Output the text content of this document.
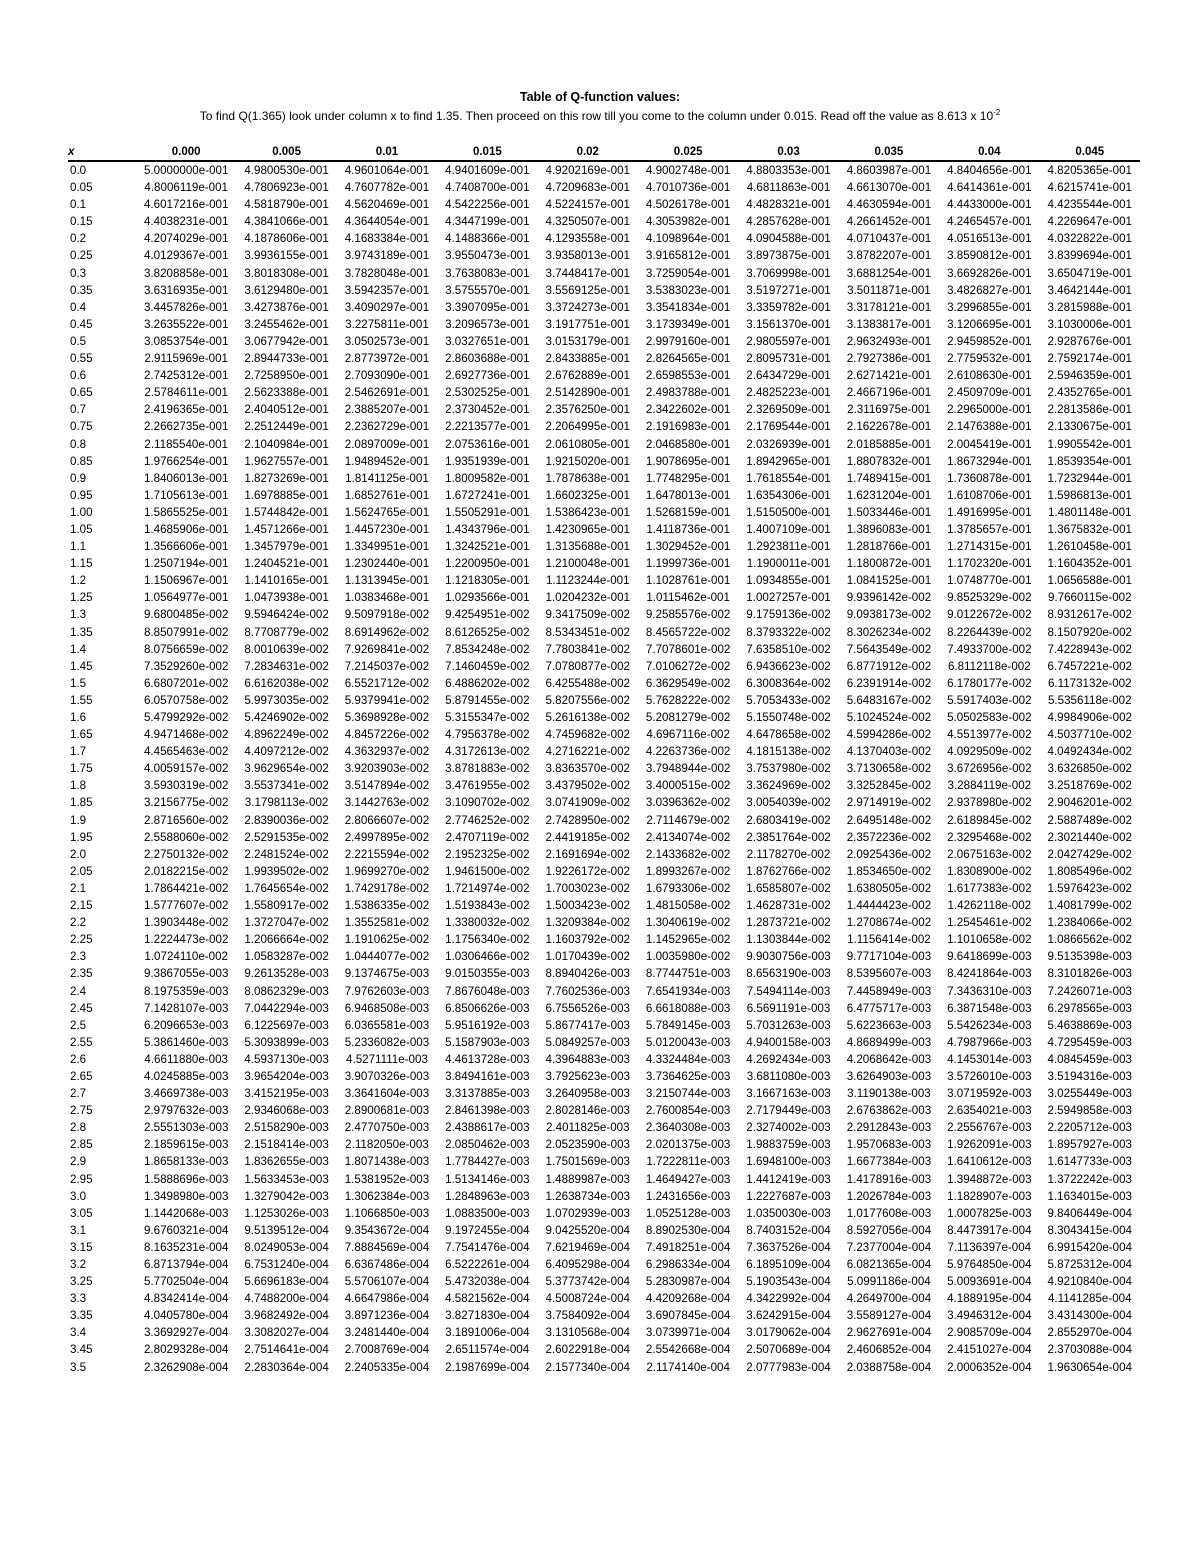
Table of Q-function values:
To find Q(1.365) look under column x to find 1.35. Then proceed on this row till you come to the column under 0.015. Read off the value as 8.613 x $10^{-2}$
x	0.000	0.005	0.01	0.015	0.02	0.025	0.03	0.035	0.04	0.045
0.0	5.0000000e-001	4.9800530e-001	4.9601064e-001	4.9401609e-001	4.9202169e-001	4.9002748e-001	4.8803353e-001	4.8603987e-001	4.8404656e-001	4.8205365e-001
0.05	4.8006119e-001	4.7806923e-001	4.7607782e-001	4.7408700e-001	4.7209683e-001	4.7010736e-001	4.6811863e-001	4.6613070e-001	4.6414361e-001	4.6215741e-001
0.1	4.6017216e-001	4.5818790e-001	4.5620469e-001	4.5422256e-001	4.5224157e-001	4.5026178e-001	4.4828321e-001	4.4630594e-001	4.4433000e-001	4.4235544e-001
0.15	4.4038231e-001	4.3841066e-001	4.3644054e-001	4.3447199e-001	4.3250507e-001	4.3053982e-001	4.2857628e-001	4.2661452e-001	4.2465457e-001	4.2269647e-001
0.2	4.2074029e-001	4.1878606e-001	4.1683384e-001	4.1488366e-001	4.1293558e-001	4.1098964e-001	4.0904588e-001	4.0710437e-001	4.0516513e-001	4.0322822e-001
0.25	4.0129367e-001	3.9936155e-001	3.9743189e-001	3.9550473e-001	3.9358013e-001	3.9165812e-001	3.8973875e-001	3.8782207e-001	3.8590812e-001	3.8399694e-001
0.3	3.8208858e-001	3.8018308e-001	3.7828048e-001	3.7638083e-001	3.7448417e-001	3.7259054e-001	3.7069998e-001	3.6881254e-001	3.6692826e-001	3.6504719e-001
0.35	3.6316935e-001	3.6129480e-001	3.5942357e-001	3.5755570e-001	3.5569125e-001	3.5383023e-001	3.5197271e-001	3.5011871e-001	3.4826827e-001	3.4642144e-001
0.4	3.4457826e-001	3.4273876e-001	3.4090297e-001	3.3907095e-001	3.3724273e-001	3.3541834e-001	3.3359782e-001	3.3178121e-001	3.2996855e-001	3.2815988e-001
0.45	3.2635522e-001	3.2455462e-001	3.2275811e-001	3.2096573e-001	3.1917751e-001	3.1739349e-001	3.1561370e-001	3.1383817e-001	3.1206695e-001	3.1030006e-001
0.5	3.0853754e-001	3.0677942e-001	3.0502573e-001	3.0327651e-001	3.0153179e-001	2.9979160e-001	2.9805597e-001	2.9632493e-001	2.9459852e-001	2.9287676e-001
0.55	2.9115969e-001	2.8944733e-001	2.8773972e-001	2.8603688e-001	2.8433885e-001	2.8264565e-001	2.8095731e-001	2.7927386e-001	2.7759532e-001	2.7592174e-001
0.6	2.7425312e-001	2.7258950e-001	2.7093090e-001	2.6927736e-001	2.6762889e-001	2.6598553e-001	2.6434729e-001	2.6271421e-001	2.6108630e-001	2.5946359e-001
0.65	2.5784611e-001	2.5623388e-001	2.5462691e-001	2.5302525e-001	2.5142890e-001	2.4983788e-001	2.4825223e-001	2.4667196e-001	2.4509709e-001	2.4352765e-001
0.7	2.4196365e-001	2.4040512e-001	2.3885207e-001	2.3730452e-001	2.3576250e-001	2.3422602e-001	2.3269509e-001	2.3116975e-001	2.2965000e-001	2.2813586e-001
0.75	2.2662735e-001	2.2512449e-001	2.2362729e-001	2.2213577e-001	2.2064995e-001	2.1916983e-001	2.1769544e-001	2.1622678e-001	2.1476388e-001	2.1330675e-001
0.8	2.1185540e-001	2.1040984e-001	2.0897009e-001	2.0753616e-001	2.0610805e-001	2.0468580e-001	2.0326939e-001	2.0185885e-001	2.0045419e-001	1.9905542e-001
0.85	1.9766254e-001	1.9627557e-001	1.9489452e-001	1.9351939e-001	1.9215020e-001	1.9078695e-001	1.8942965e-001	1.8807832e-001	1.8673294e-001	1.8539354e-001
0.9	1.8406013e-001	1.8273269e-001	1.8141125e-001	1.8009582e-001	1.7878638e-001	1.7748295e-001	1.7618554e-001	1.7489415e-001	1.7360878e-001	1.7232944e-001
0.95	1.7105613e-001	1.6978885e-001	1.6852761e-001	1.6727241e-001	1.6602325e-001	1.6478013e-001	1.6354306e-001	1.6231204e-001	1.6108706e-001	1.5986813e-001
1.00	1.5865525e-001	1.5744842e-001	1.5624765e-001	1.5505291e-001	1.5386423e-001	1.5268159e-001	1.5150500e-001	1.5033446e-001	1.4916995e-001	1.4801148e-001
1.05	1.4685906e-001	1.4571266e-001	1.4457230e-001	1.4343796e-001	1.4230965e-001	1.4118736e-001	1.4007109e-001	1.3896083e-001	1.3785657e-001	1.3675832e-001
1.1	1.3566606e-001	1.3457979e-001	1.3349951e-001	1.3242521e-001	1.3135688e-001	1.3029452e-001	1.2923811e-001	1.2818766e-001	1.2714315e-001	1.2610458e-001
1.15	1.2507194e-001	1.2404521e-001	1.2302440e-001	1.2200950e-001	1.2100048e-001	1.1999736e-001	1.1900011e-001	1.1800872e-001	1.1702320e-001	1.1604352e-001
1.2	1.1506967e-001	1.1410165e-001	1.1313945e-001	1.1218305e-001	1.1123244e-001	1.1028761e-001	1.0934855e-001	1.0841525e-001	1.0748770e-001	1.0656588e-001
1.25	1.0564977e-001	1.0473938e-001	1.0383468e-001	1.0293566e-001	1.0204232e-001	1.0115462e-001	1.0027257e-001	9.9396142e-002	9.8525329e-002	9.7660115e-002
1.3	9.6800485e-002	9.5946424e-002	9.5097918e-002	9.4254951e-002	9.3417509e-002	9.2585576e-002	9.1759136e-002	9.0938173e-002	9.0122672e-002	8.9312617e-002
1.35	8.8507991e-002	8.7708779e-002	8.6914962e-002	8.6126525e-002	8.5343451e-002	8.4565722e-002	8.3793322e-002	8.3026234e-002	8.2264439e-002	8.1507920e-002
1.4	8.0756659e-002	8.0010639e-002	7.9269841e-002	7.8534248e-002	7.7803841e-002	7.7078601e-002	7.6358510e-002	7.5643549e-002	7.4933700e-002	7.4228943e-002
1.45	7.3529260e-002	7.2834631e-002	7.2145037e-002	7.1460459e-002	7.0780877e-002	7.0106272e-002	6.9436623e-002	6.8771912e-002	6.8112118e-002	6.7457221e-002
1.5	6.6807201e-002	6.6162038e-002	6.5521712e-002	6.4886202e-002	6.4255488e-002	6.3629549e-002	6.3008364e-002	6.2391914e-002	6.1780177e-002	6.1173132e-002
1.55	6.0570758e-002	5.9973035e-002	5.9379941e-002	5.8791455e-002	5.8207556e-002	5.7628222e-002	5.7053433e-002	5.6483167e-002	5.5917403e-002	5.5356118e-002
1.6	5.4799292e-002	5.4246902e-002	5.3698928e-002	5.3155347e-002	5.2616138e-002	5.2081279e-002	5.1550748e-002	5.1024524e-002	5.0502583e-002	4.9984906e-002
1.65	4.9471468e-002	4.8962249e-002	4.8457226e-002	4.7956378e-002	4.7459682e-002	4.6967116e-002	4.6478658e-002	4.5994286e-002	4.5513977e-002	4.5037710e-002
1.7	4.4565463e-002	4.4097212e-002	4.3632937e-002	4.3172613e-002	4.2716221e-002	4.2263736e-002	4.1815138e-002	4.1370403e-002	4.0929509e-002	4.0492434e-002
1.75	4.0059157e-002	3.9629654e-002	3.9203903e-002	3.8781883e-002	3.8363570e-002	3.7948944e-002	3.7537980e-002	3.7130658e-002	3.6726956e-002	3.6326850e-002
1.8	3.5930319e-002	3.5537341e-002	3.5147894e-002	3.4761955e-002	3.4379502e-002	3.4000515e-002	3.3624969e-002	3.3252845e-002	3.2884119e-002	3.2518769e-002
1.85	3.2156775e-002	3.1798113e-002	3.1442763e-002	3.1090702e-002	3.0741909e-002	3.0396362e-002	3.0054039e-002	2.9714919e-002	2.9378980e-002	2.9046201e-002
1.9	2.8716560e-002	2.8390036e-002	2.8066607e-002	2.7746252e-002	2.7428950e-002	2.7114679e-002	2.6803419e-002	2.6495148e-002	2.6189845e-002	2.5887489e-002
1.95	2.5588060e-002	2.5291535e-002	2.4997895e-002	2.4707119e-002	2.4419185e-002	2.4134074e-002	2.3851764e-002	2.3572236e-002	2.3295468e-002	2.3021440e-002
2.0	2.2750132e-002	2.2481524e-002	2.2215594e-002	2.1952325e-002	2.1691694e-002	2.1433682e-002	2.1178270e-002	2.0925436e-002	2.0675163e-002	2.0427429e-002
2.05	2.0182215e-002	1.9939502e-002	1.9699270e-002	1.9461500e-002	1.9226172e-002	1.8993267e-002	1.8762766e-002	1.8534650e-002	1.8308900e-002	1.8085496e-002
2.1	1.7864421e-002	1.7645654e-002	1.7429178e-002	1.7214974e-002	1.7003023e-002	1.6793306e-002	1.6585807e-002	1.6380505e-002	1.6177383e-002	1.5976423e-002
2.15	1.5777607e-002	1.5580917e-002	1.5386335e-002	1.5193843e-002	1.5003423e-002	1.4815058e-002	1.4628731e-002	1.4444423e-002	1.4262118e-002	1.4081799e-002
2.2	1.3903448e-002	1.3727047e-002	1.3552581e-002	1.3380032e-002	1.3209384e-002	1.3040619e-002	1.2873721e-002	1.2708674e-002	1.2545461e-002	1.2384066e-002
2.25	1.2224473e-002	1.2066664e-002	1.1910625e-002	1.1756340e-002	1.1603792e-002	1.1452965e-002	1.1303844e-002	1.1156414e-002	1.1010658e-002	1.0866562e-002
2.3	1.0724110e-002	1.0583287e-002	1.0444077e-002	1.0306466e-002	1.0170439e-002	1.0035980e-002	9.9030756e-003	9.7717104e-003	9.6418699e-003	9.5135398e-003
2.35	9.3867055e-003	9.2613528e-003	9.1374675e-003	9.0150355e-003	8.8940426e-003	8.7744751e-003	8.6563190e-003	8.5395607e-003	8.4241864e-003	8.3101826e-003
2.4	8.1975359e-003	8.0862329e-003	7.9762603e-003	7.8676048e-003	7.7602536e-003	7.6541934e-003	7.5494114e-003	7.4458949e-003	7.3436310e-003	7.2426071e-003
2.45	7.1428107e-003	7.0442294e-003	6.9468508e-003	6.8506626e-003	6.7556526e-003	6.6618088e-003	6.5691191e-003	6.4775717e-003	6.3871548e-003	6.2978565e-003
2.5	6.2096653e-003	6.1225697e-003	6.0365581e-003	5.9516192e-003	5.8677417e-003	5.7849145e-003	5.7031263e-003	5.6223663e-003	5.5426234e-003	5.4638869e-003
2.55	5.3861460e-003	5.3093899e-003	5.2336082e-003	5.1587903e-003	5.0849257e-003	5.0120043e-003	4.9400158e-003	4.8689499e-003	4.7987966e-003	4.7295459e-003
2.6	4.6611880e-003	4.5937130e-003	4.5271111e-003	4.4613728e-003	4.3964883e-003	4.3324484e-003	4.2692434e-003	4.2068642e-003	4.1453014e-003	4.0845459e-003
2.65	4.0245885e-003	3.9654204e-003	3.9070326e-003	3.8494161e-003	3.7925623e-003	3.7364625e-003	3.6811080e-003	3.6264903e-003	3.5726010e-003	3.5194316e-003
2.7	3.4669738e-003	3.4152195e-003	3.3641604e-003	3.3137885e-003	3.2640958e-003	3.2150744e-003	3.1667163e-003	3.1190138e-003	3.0719592e-003	3.0255449e-003
2.75	2.9797632e-003	2.9346068e-003	2.8900681e-003	2.8461398e-003	2.8028146e-003	2.7600854e-003	2.7179449e-003	2.6763862e-003	2.6354021e-003	2.5949858e-003
2.8	2.5551303e-003	2.5158290e-003	2.4770750e-003	2.4388617e-003	2.4011825e-003	2.3640308e-003	2.3274002e-003	2.2912843e-003	2.2556767e-003	2.2205712e-003
2.85	2.1859615e-003	2.1518414e-003	2.1182050e-003	2.0850462e-003	2.0523590e-003	2.0201375e-003	1.9883759e-003	1.9570683e-003	1.9262091e-003	1.8957927e-003
2.9	1.8658133e-003	1.8362655e-003	1.8071438e-003	1.7784427e-003	1.7501569e-003	1.7222811e-003	1.6948100e-003	1.6677384e-003	1.6410612e-003	1.6147733e-003
2.95	1.5888696e-003	1.5633453e-003	1.5381952e-003	1.5134146e-003	1.4889987e-003	1.4649427e-003	1.4412419e-003	1.4178916e-003	1.3948872e-003	1.3722242e-003
3.0	1.3498980e-003	1.3279042e-003	1.3062384e-003	1.2848963e-003	1.2638734e-003	1.2431656e-003	1.2227687e-003	1.2026784e-003	1.1828907e-003	1.1634015e-003
3.05	1.1442068e-003	1.1253026e-003	1.1066850e-003	1.0883500e-003	1.0702939e-003	1.0525128e-003	1.0350030e-003	1.0177608e-003	1.0007825e-003	9.8406449e-004
3.1	9.6760321e-004	9.5139512e-004	9.3543672e-004	9.1972455e-004	9.0425520e-004	8.8902530e-004	8.7403152e-004	8.5927056e-004	8.4473917e-004	8.3043415e-004
3.15	8.1635231e-004	8.0249053e-004	7.8884569e-004	7.7541476e-004	7.6219469e-004	7.4918251e-004	7.3637526e-004	7.2377004e-004	7.1136397e-004	6.9915420e-004
3.2	6.8713794e-004	6.7531240e-004	6.6367486e-004	6.5222261e-004	6.4095298e-004	6.2986334e-004	6.1895109e-004	6.0821365e-004	5.9764850e-004	5.8725312e-004
3.25	5.7702504e-004	5.6696183e-004	5.5706107e-004	5.4732038e-004	5.3773742e-004	5.2830987e-004	5.1903543e-004	5.0991186e-004	5.0093691e-004	4.9210840e-004
3.3	4.8342414e-004	4.7488200e-004	4.6647986e-004	4.5821562e-004	4.5008724e-004	4.4209268e-004	4.3422992e-004	4.2649700e-004	4.1889195e-004	4.1141285e-004
3.35	4.0405780e-004	3.9682492e-004	3.8971236e-004	3.8271830e-004	3.7584092e-004	3.6907845e-004	3.6242915e-004	3.5589127e-004	3.4946312e-004	3.4314300e-004
3.4	3.3692927e-004	3.3082027e-004	3.2481440e-004	3.1891006e-004	3.1310568e-004	3.0739971e-004	3.0179062e-004	2.9627691e-004	2.9085709e-004	2.8552970e-004
3.45	2.8029328e-004	2.7514641e-004	2.7008769e-004	2.6511574e-004	2.6022918e-004	2.5542668e-004	2.5070689e-004	2.4606852e-004	2.4151027e-004	2.3703088e-004
3.5	2.3262908e-004	2.2830364e-004	2.2405335e-004	2.1987699e-004	2.1577340e-004	2.1174140e-004	2.0777983e-004	2.0388758e-004	2.0006352e-004	1.9630654e-004
